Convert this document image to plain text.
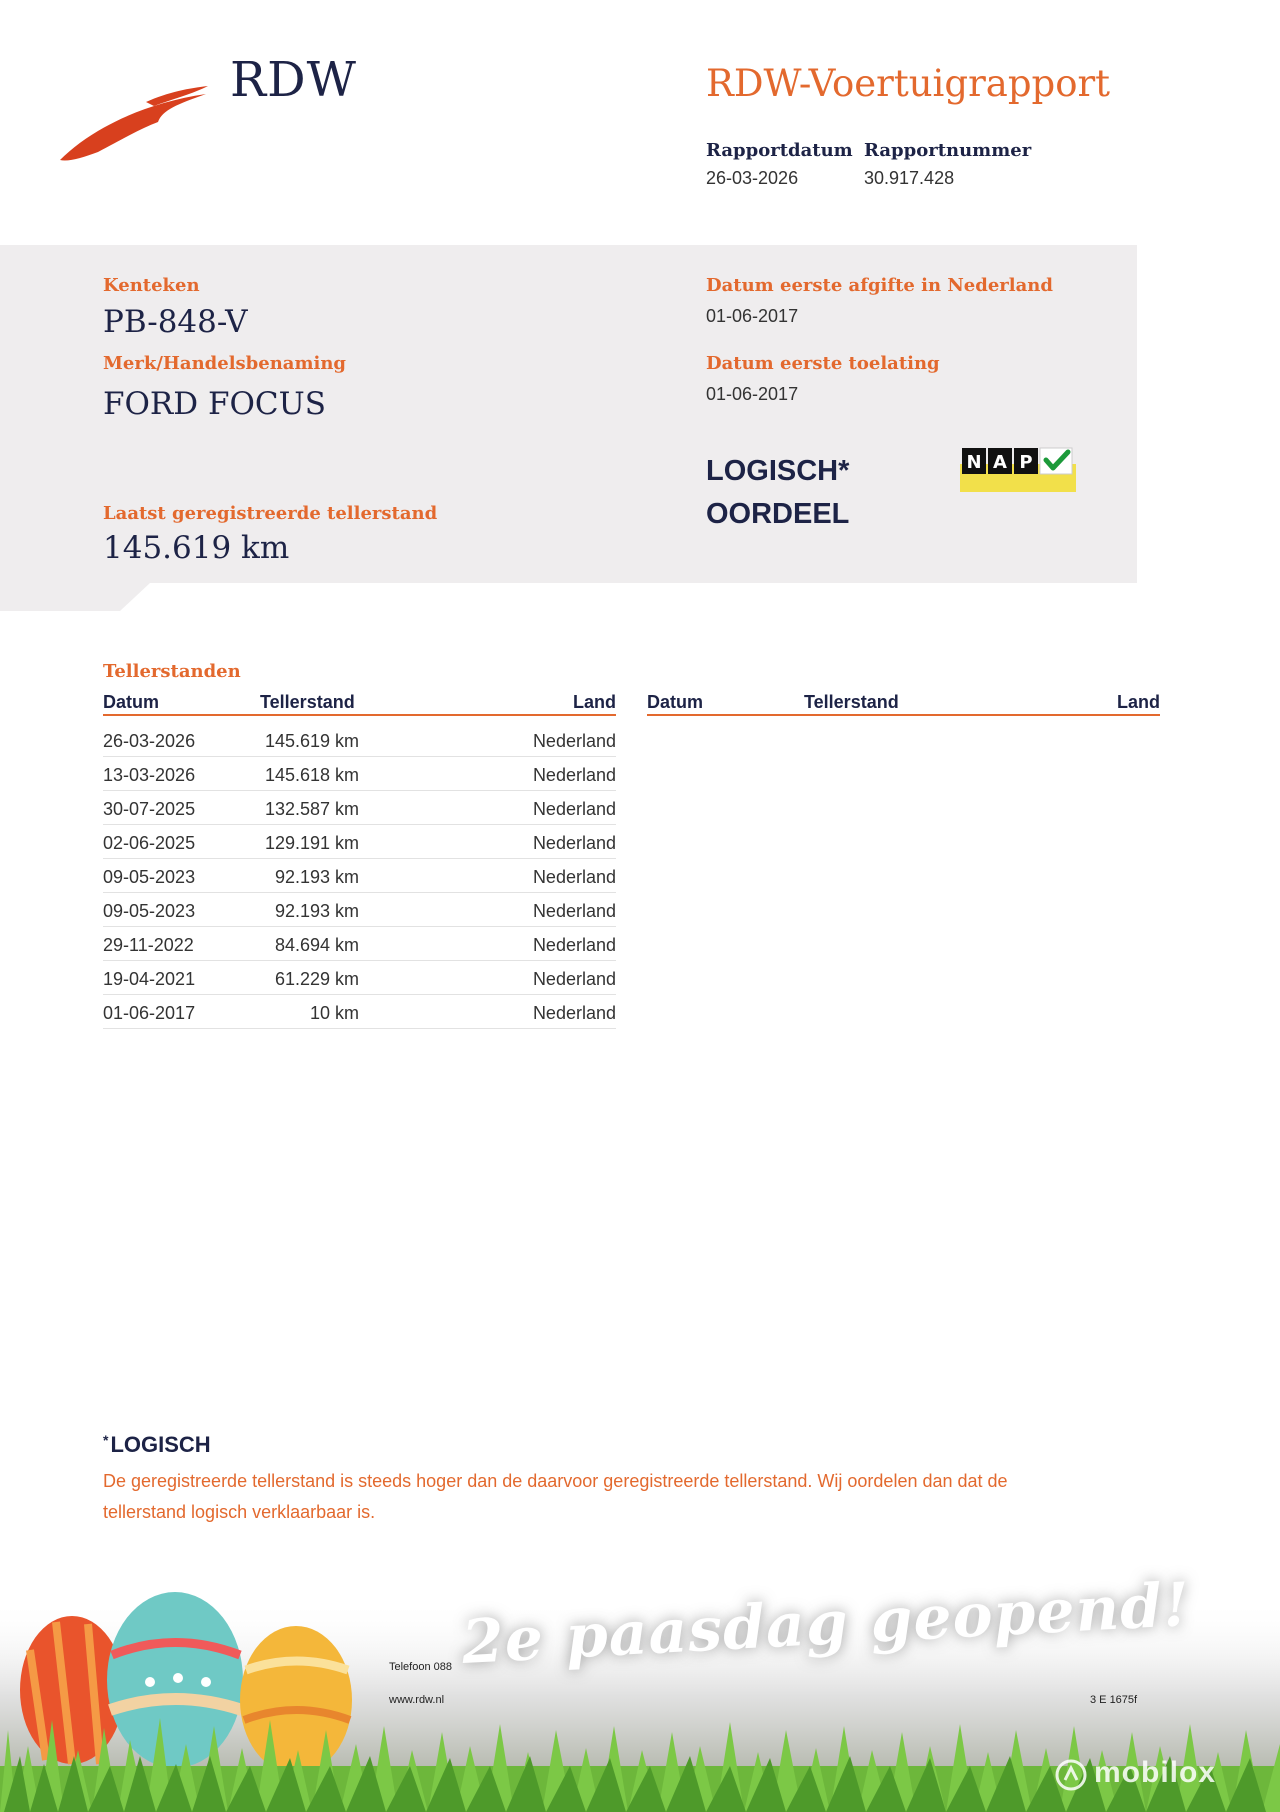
RDW	RDW-Voertuigrapport
Rapportdatum
26-03-2026
Rapportnummer
30.917.428
Kenteken
PB-848-V
Merk/Handelsbenaming
FORD FOCUS
Laatst geregistreerde tellerstand
145.619 km
Datum eerste afgifte in Nederland
01-06-2017
Datum eerste toelating
01-06-2017
LOGISCH*
OORDEEL
N A P
Tellerstanden
Datum	Tellerstand	Land Datum	Tellerstand	Land
26-03-2026	145.619 km	Nederland
13-03-2026	145.618 km	Nederland
30-07-2025	132.587 km	Nederland
02-06-2025	129.191 km	Nederland
09-05-2023	92.193 km	Nederland
09-05-2023	92.193 km	Nederland
29-11-2022	84.694 km	Nederland
19-04-2021	61.229 km	Nederland
01-06-2017	10 km	Nederland
*LOGISCH
De geregistreerde tellerstand is steeds hoger dan de daarvoor geregistreerde tellerstand. Wij oordelen dan dat de tellerstand logisch verklaarbaar is.
Telefoon 088
www.rdw.nl	3 E 1675f
2e paasdag geopend!
mobilox
